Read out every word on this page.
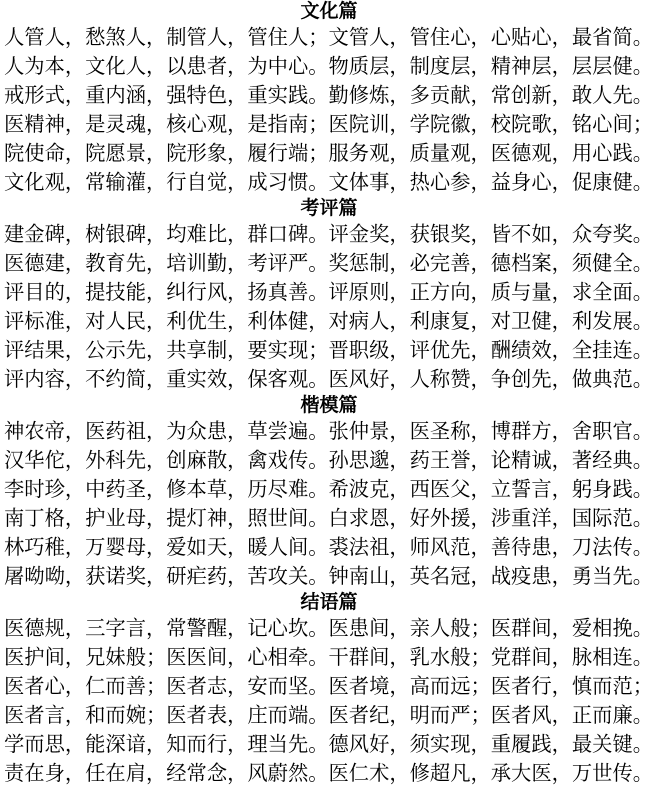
文化篇
人管人，愁煞人，制管人，管住人；文管人，管住心，心贴心，最省简。
人为本，文化人，以患者，为中心。物质层，制度层，精神层，层层健。
戒形式，重内涵，强特色，重实践。勤修炼，多贡献，常创新，敢人先。
医精神，是灵魂，核心观，是指南；医院训，学院徽，校院歌，铭心间；
院使命，院愿景，院形象，履行端；服务观，质量观，医德观，用心践。
文化观，常输灌，行自觉，成习惯。文体事，热心参，益身心，促康健。
考评篇
建金碑，树银碑，均难比，群口碑。评金奖，获银奖，皆不如，众夸奖。
医德建，教育先，培训勤，考评严。奖惩制，必完善，德档案，须健全。
评目的，提技能，纠行风，扬真善。评原则，正方向，质与量，求全面。
评标准，对人民，利优生，利体健，对病人，利康复，对卫健，利发展。
评结果，公示先，共享制，要实现；晋职级，评优先，酬绩效，全挂连。
评内容，不约简，重实效，保客观。医风好，人称赞，争创先，做典范。
楷模篇
神农帝，医药祖，为众患，草尝遍。张仲景，医圣称，博群方，舍职官。
汉华佗，外科先，创麻散，禽戏传。孙思邈，药王誉，论精诚，著经典。
李时珍，中药圣，修本草，历尽难。希波克，西医父，立誓言，躬身践。
南丁格，护业母，提灯神，照世间。白求恩，好外援，涉重洋，国际范。
林巧稚，万婴母，爱如天，暖人间。裘法祖，师风范，善待患，刀法传。
屠呦呦，获诺奖，研疟药，苦攻关。钟南山，英名冠，战疫患，勇当先。
结语篇
医德规，三字言，常警醒，记心坎。医患间，亲人般；医群间，爱相挽。
医护间，兄妹般；医医间，心相牵。干群间，乳水般；党群间，脉相连。
医者心，仁而善；医者志，安而坚。医者境，高而远；医者行，慎而范；
医者言，和而婉；医者表，庄而端。医者纪，明而严；医者风，正而廉。
学而思，能深谙，知而行，理当先。德风好，须实现，重履践，最关键。
责在身，任在肩，经常念，风蔚然。医仁术，修超凡，承大医，万世传。
